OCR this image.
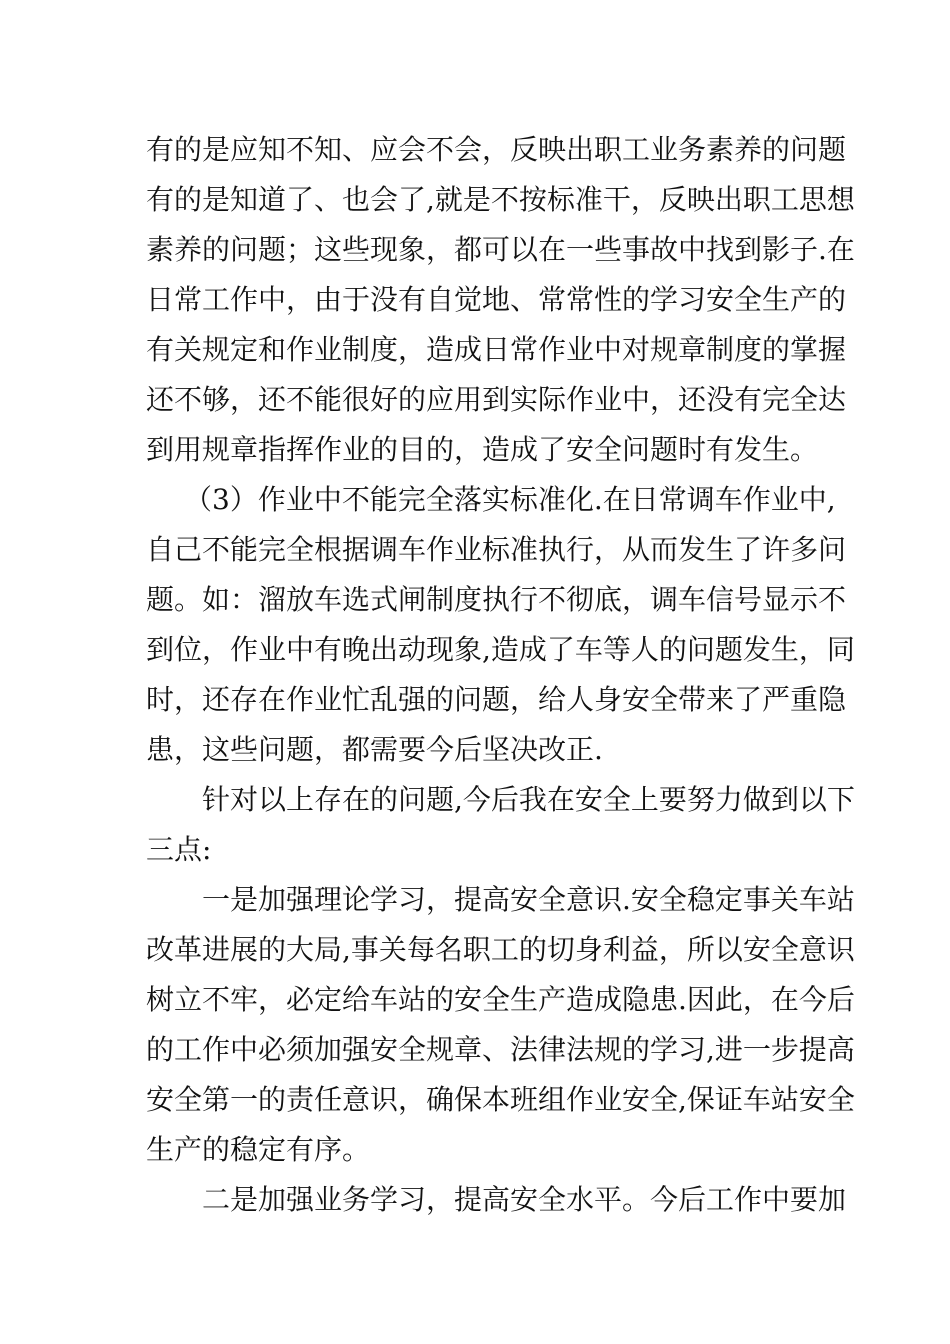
有的是应知不知、应会不会，反映出职工业务素养的问题
有的是知道了、也会了,就是不按标准干，反映出职工思想
素养的问题；这些现象，都可以在一些事故中找到影子.在
日常工作中，由于没有自觉地、常常性的学习安全生产的
有关规定和作业制度，造成日常作业中对规章制度的掌握
还不够，还不能很好的应用到实际作业中，还没有完全达
到用规章指挥作业的目的，造成了安全问题时有发生。
（3）作业中不能完全落实标准化.在日常调车作业中,
自己不能完全根据调车作业标准执行，从而发生了许多问
题。如：溜放车选式闸制度执行不彻底，调车信号显示不
到位，作业中有晚出动现象,造成了车等人的问题发生，同
时，还存在作业忙乱强的问题，给人身安全带来了严重隐
患，这些问题，都需要今后坚决改正.
针对以上存在的问题,今后我在安全上要努力做到以下
三点:
一是加强理论学习，提高安全意识.安全稳定事关车站
改革进展的大局,事关每名职工的切身利益，所以安全意识
树立不牢，必定给车站的安全生产造成隐患.因此，在今后
的工作中必须加强安全规章、法律法规的学习,进一步提高
安全第一的责任意识，确保本班组作业安全,保证车站安全
生产的稳定有序。
二是加强业务学习，提高安全水平。今后工作中要加
